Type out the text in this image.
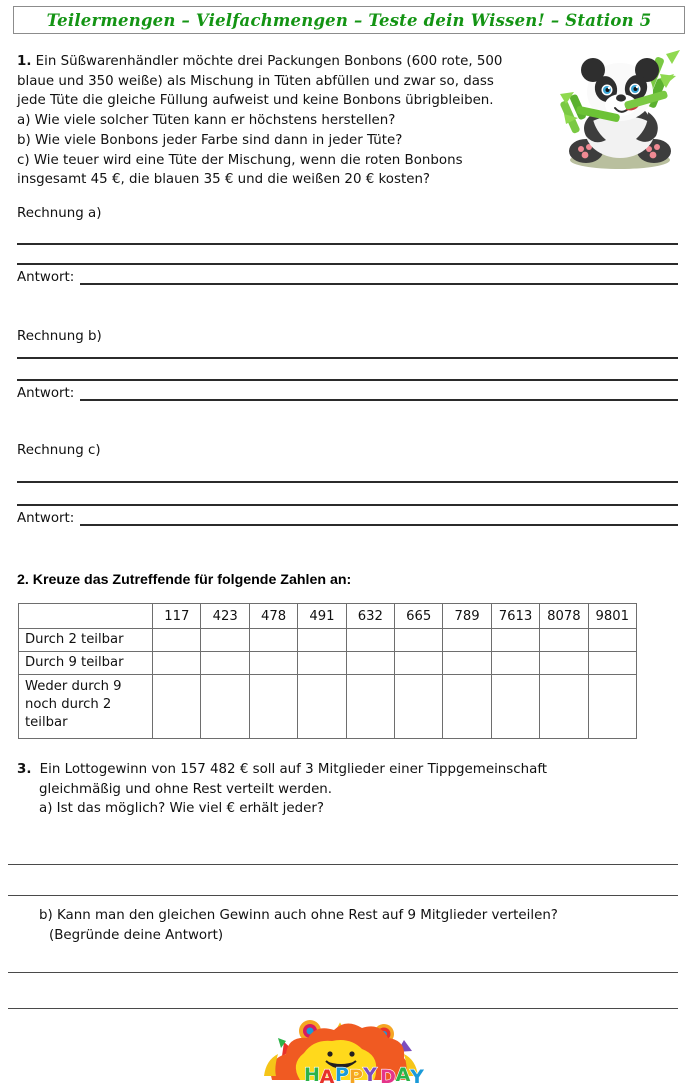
Teilermengen – Vielfachmengen – Teste dein Wissen! – Station 5
1. Ein Süßwarenhändler möchte drei Packungen Bonbons (600 rote, 500
blaue und 350 weiße) als Mischung in Tüten abfüllen und zwar so, dass
jede Tüte die gleiche Füllung aufweist und keine Bonbons übrigbleiben.
a) Wie viele solcher Tüten kann er höchstens herstellen?
b) Wie viele Bonbons jeder Farbe sind dann in jeder Tüte?
c) Wie teuer wird eine Tüte der Mischung, wenn die roten Bonbons
insgesamt 45 €, die blauen 35 € und die weißen 20 € kosten?
Rechnung a)
Antwort:
Rechnung b)
Antwort:
Rechnung c)
Antwort:
2. Kreuze das Zutreffende für folgende Zahlen an:
	117	423	478	491	632	665	789	7613	8078	9801
Durch 2 teilbar										
Durch 9 teilbar										

Weder durch 9
noch durch 2
teilbar										

3. Ein Lottogewinn von 157 482 € soll auf 3 Mitglieder einer Tippgemeinschaft
gleichmäßig und ohne Rest verteilt werden.
a) Ist das möglich? Wie viel € erhält jeder?
b) Kann man den gleichen Gewinn auch ohne Rest auf 9 Mitglieder verteilen?
(Begründe deine Antwort)
H A P P Y D A Y
